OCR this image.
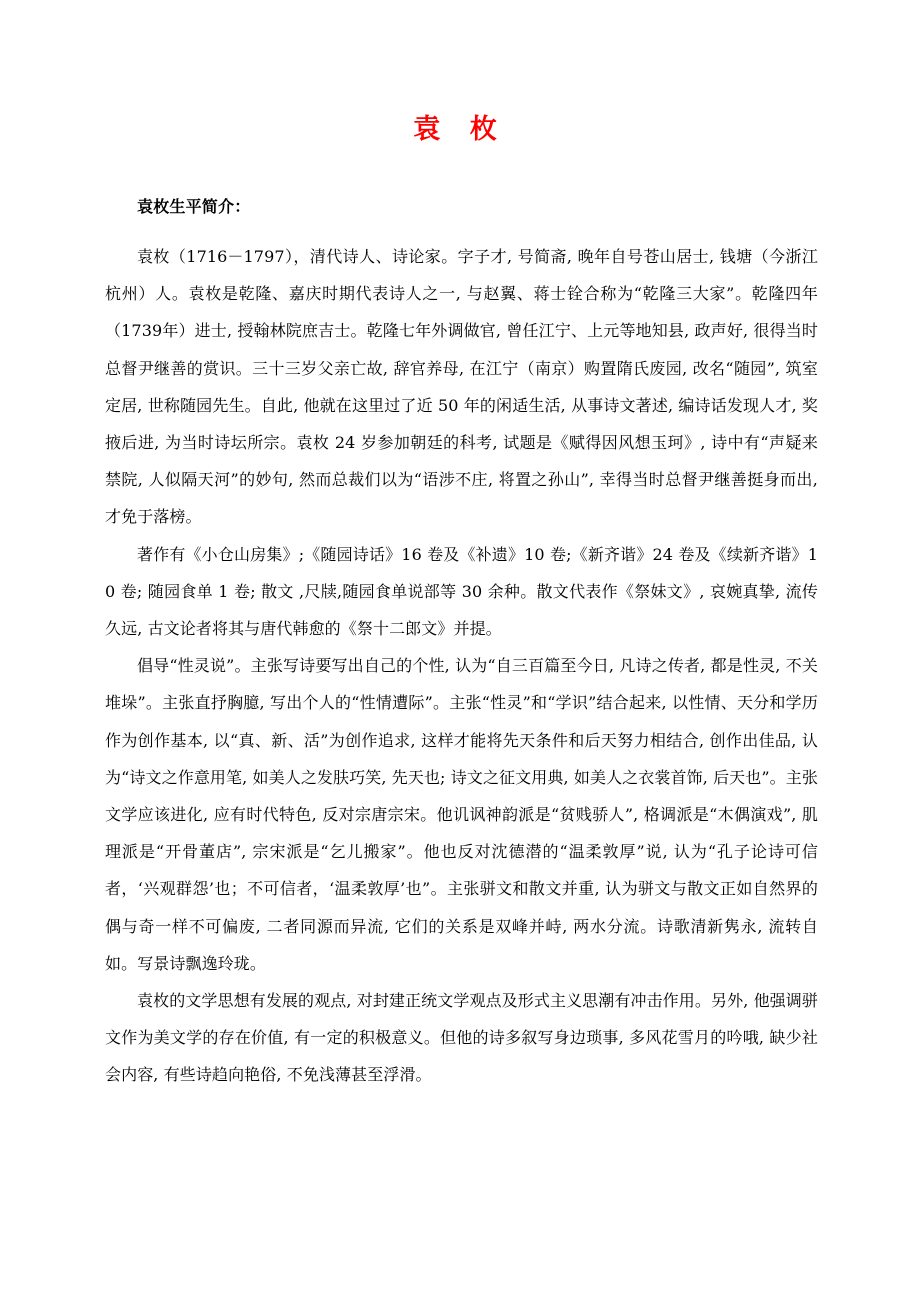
袁 枚
袁枚生平简介：

袁枚（1716－1797），清代诗人、诗论家。字子才, 号简斋, 晚年自号苍山居士, 钱塘（今浙江杭州）人。袁枚是乾隆、嘉庆时期代表诗人之一, 与赵翼、蒋士铨合称为“乾隆三大家”。乾隆四年（1739年）进士, 授翰林院庶吉士。乾隆七年外调做官, 曾任江宁、上元等地知县, 政声好, 很得当时总督尹继善的赏识。三十三岁父亲亡故, 辞官养母, 在江宁（南京）购置隋氏废园, 改名“随园”, 筑室定居, 世称随园先生。自此, 他就在这里过了近 50 年的闲适生活, 从事诗文著述, 编诗话发现人才, 奖掖后进, 为当时诗坛所宗。袁枚 24 岁参加朝廷的科考, 试题是《赋得因风想玉珂》, 诗中有“声疑来禁院, 人似隔天河”的妙句, 然而总裁们以为“语涉不庄, 将置之孙山”, 幸得当时总督尹继善挺身而出, 才免于落榜。

著作有《小仓山房集》;《随园诗话》16 卷及《补遗》10 卷;《新齐谐》24 卷及《续新齐谐》10 卷; 随园食单 1 卷; 散文 ,尺牍,随园食单说部等 30 余种。散文代表作《祭妹文》, 哀婉真挚, 流传久远, 古文论者将其与唐代韩愈的《祭十二郎文》并提。

倡导“性灵说”。主张写诗要写出自己的个性, 认为“自三百篇至今日, 凡诗之传者, 都是性灵, 不关堆垛”。主张直抒胸臆, 写出个人的“性情遭际”。主张“性灵”和“学识”结合起来, 以性情、天分和学历作为创作基本, 以“真、新、活”为创作追求, 这样才能将先天条件和后天努力相结合, 创作出佳品, 认为“诗文之作意用笔, 如美人之发肤巧笑, 先天也; 诗文之征文用典, 如美人之衣裳首饰, 后天也”。主张文学应该进化, 应有时代特色, 反对宗唐宗宋。他讥讽神韵派是“贫贱骄人”, 格调派是“木偶演戏”, 肌理派是“开骨董店”, 宗宋派是“乞儿搬家”。他也反对沈德潜的“温柔敦厚”说, 认为“孔子论诗可信者，‘兴观群怨’也；不可信者，‘温柔敦厚’也”。主张骈文和散文并重, 认为骈文与散文正如自然界的偶与奇一样不可偏废, 二者同源而异流, 它们的关系是双峰并峙, 两水分流。诗歌清新隽永, 流转自如。写景诗飘逸玲珑。

袁枚的文学思想有发展的观点, 对封建正统文学观点及形式主义思潮有冲击作用。另外, 他强调骈文作为美文学的存在价值, 有一定的积极意义。但他的诗多叙写身边琐事, 多风花雪月的吟哦, 缺少社会内容, 有些诗趋向艳俗, 不免浅薄甚至浮滑。
